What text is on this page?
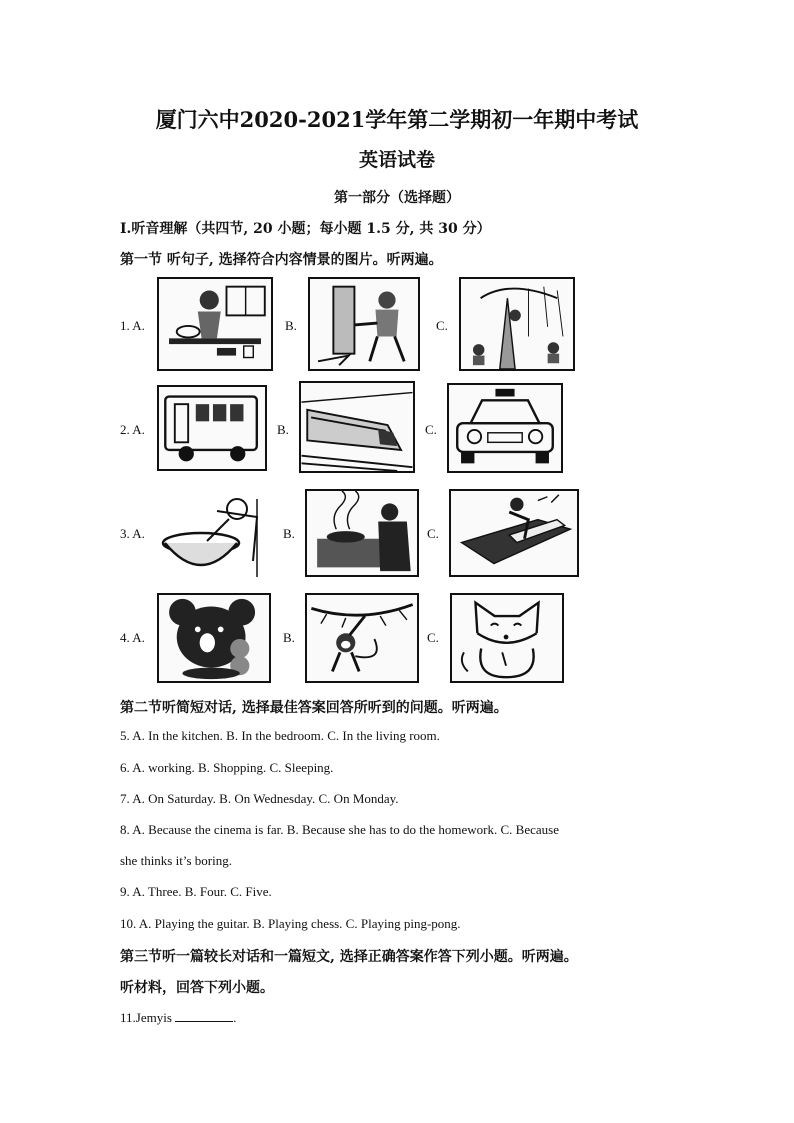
厦门六中2020-2021学年第二学期初一年期中考试
英语试卷
第一部分（选择题）
I.听音理解（共四节, 20 小题；每小题 1.5 分, 共 30 分）
第一节 听句子, 选择符合内容情景的图片。听两遍。
1. A.	B.	C.
2. A.	B.	C.
3. A.	B.	C.
4. A.	B.	C.
第二节听简短对话, 选择最佳答案回答所听到的问题。听两遍。
5. A. In the kitchen. B. In the bedroom. C. In the living room.
6. A. working. B. Shopping. C. Sleeping.
7. A. On Saturday. B. On Wednesday. C. On Monday.
8. A. Because the cinema is far. B. Because she has to do the homework. C. Because
she thinks it’s boring.
9. A. Three. B. Four. C. Five.
10. A. Playing the guitar. B. Playing chess. C. Playing ping-pong.
第三节听一篇较长对话和一篇短文, 选择正确答案作答下列小题。听两遍。
听材料，回答下列小题。
11.Jemyis	.
